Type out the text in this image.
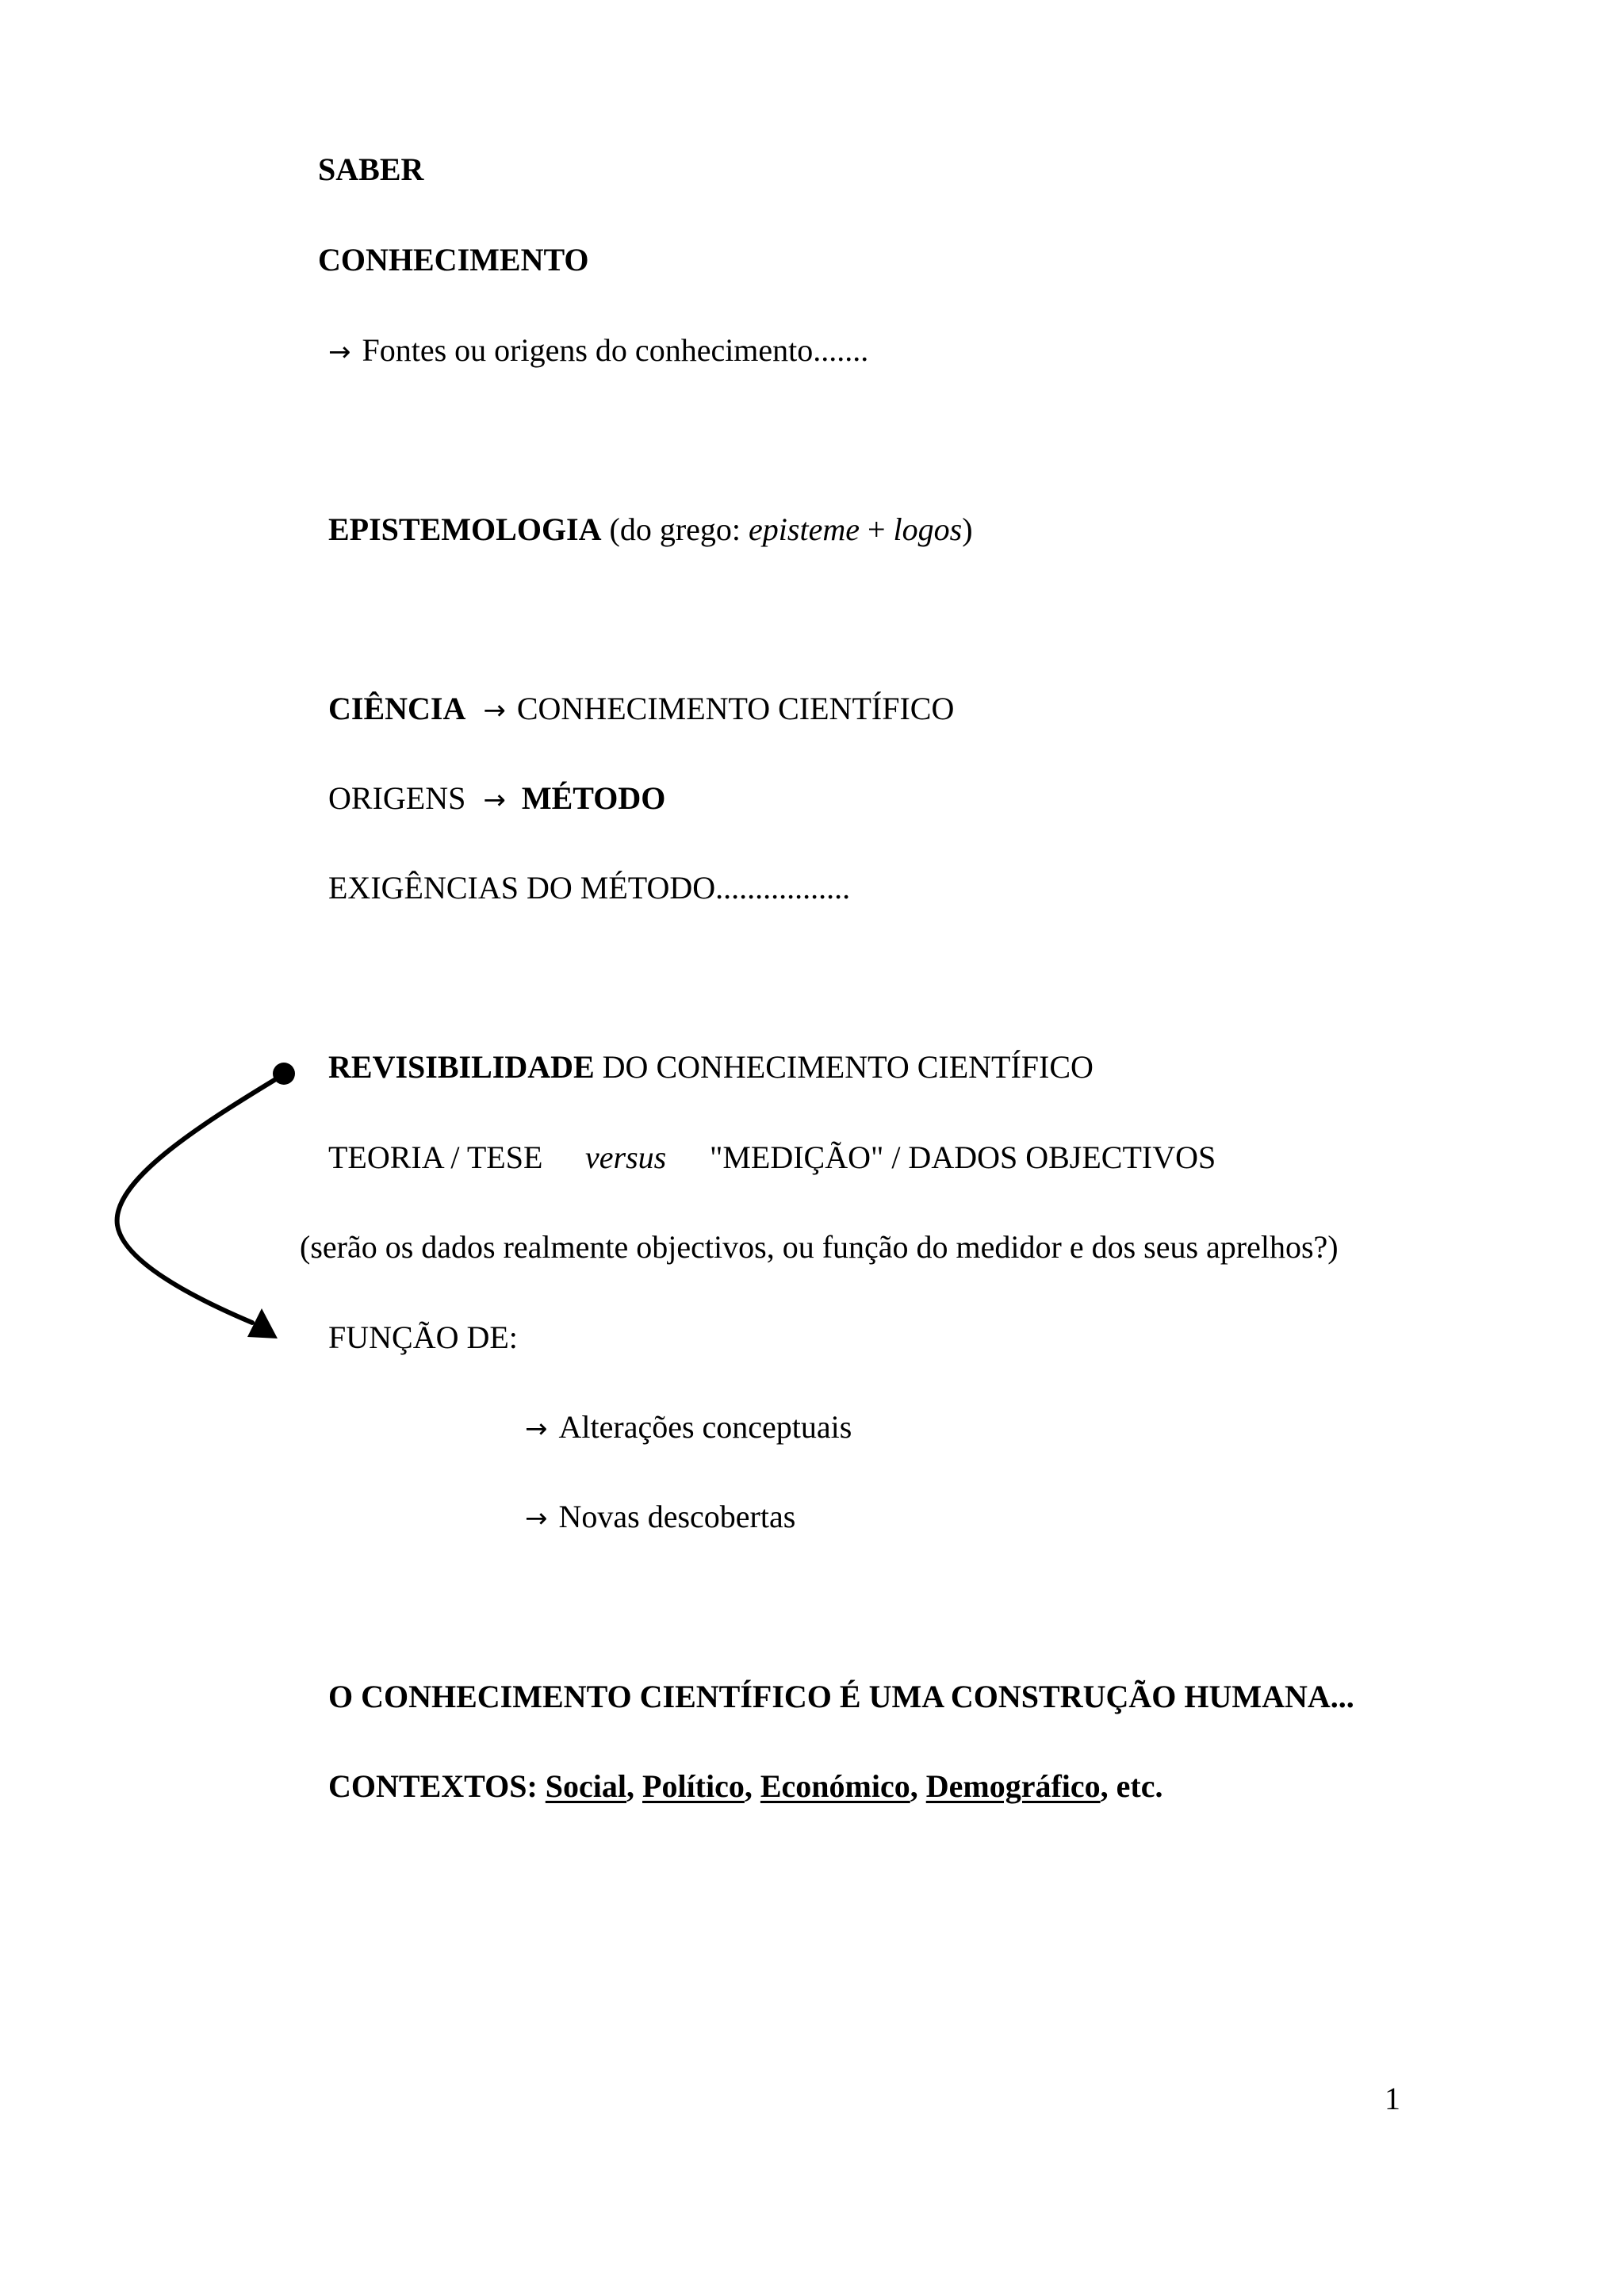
SABER
CONHECIMENTO
→ Fontes ou origens do conhecimento.......
EPISTEMOLOGIA (do grego: episteme + logos)
CIÊNCIA → CONHECIMENTO CIENTÍFICO
ORIGENS → MÉTODO
EXIGÊNCIAS DO MÉTODO.................
REVISIBILIDADE DO CONHECIMENTO CIENTÍFICO
TEORIA / TESE versus "MEDIÇÃO" / DADOS OBJECTIVOS
(serão os dados realmente objectivos, ou função do medidor e dos seus aprelhos?)
FUNÇÃO DE:
→ Alterações conceptuais
→ Novas descobertas
O CONHECIMENTO CIENTÍFICO É UMA CONSTRUÇÃO HUMANA...
CONTEXTOS: Social, Político, Económico, Demográfico, etc.
1
